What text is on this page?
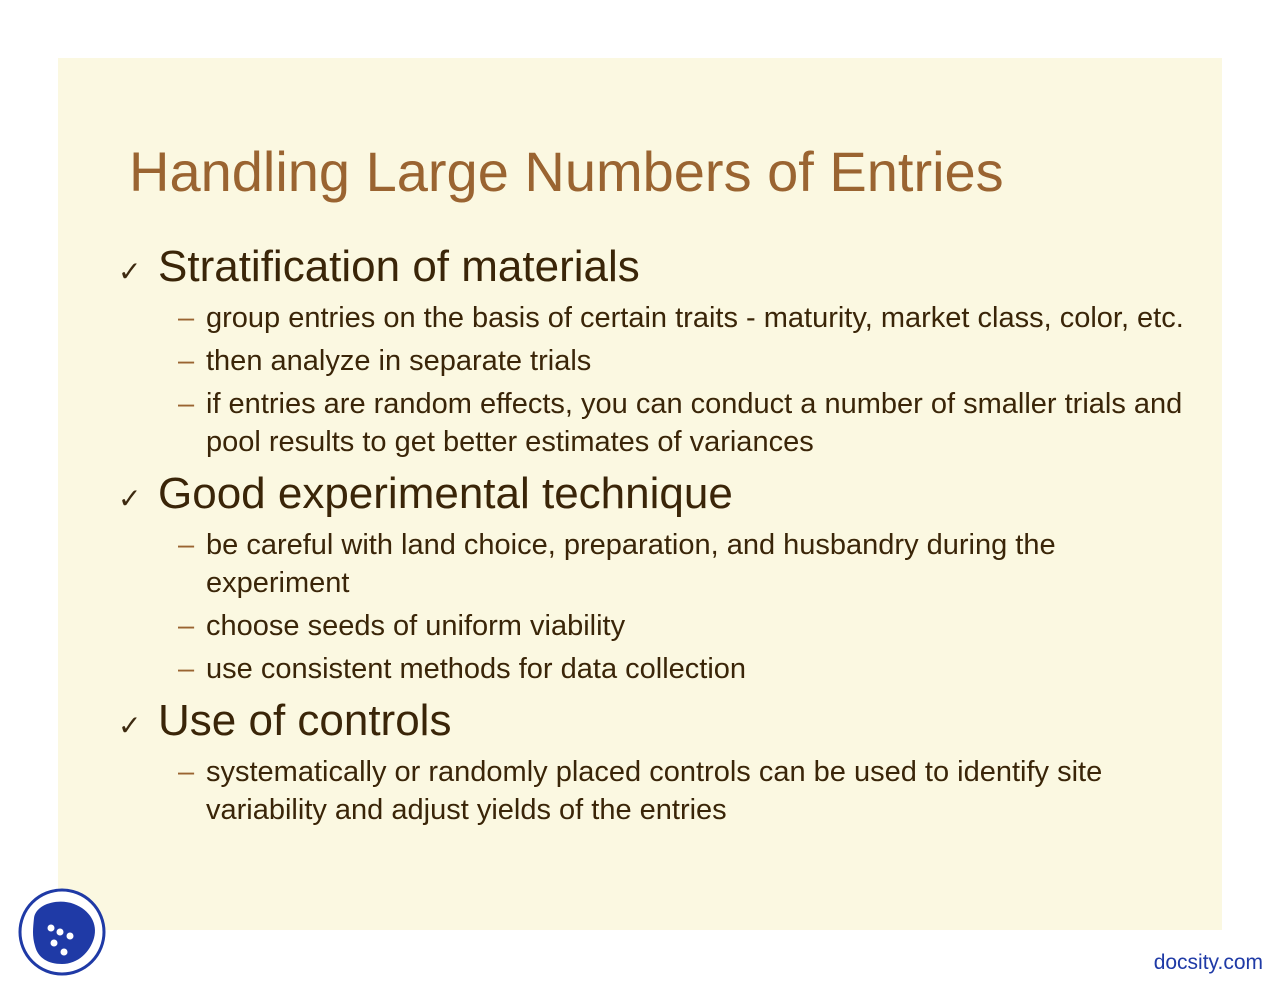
Handling Large Numbers of Entries
✓ Stratification of materials
– group entries on the basis of certain traits - maturity, market class, color, etc.
– then analyze in separate trials
– if entries are random effects, you can conduct a number of smaller trials and pool results to get better estimates of variances
✓ Good experimental technique
– be careful with land choice, preparation, and husbandry during the experiment
– choose seeds of uniform viability
– use consistent methods for data collection
✓ Use of controls
– systematically or randomly placed controls can be used to identify site variability and adjust yields of the entries
docsity.com
